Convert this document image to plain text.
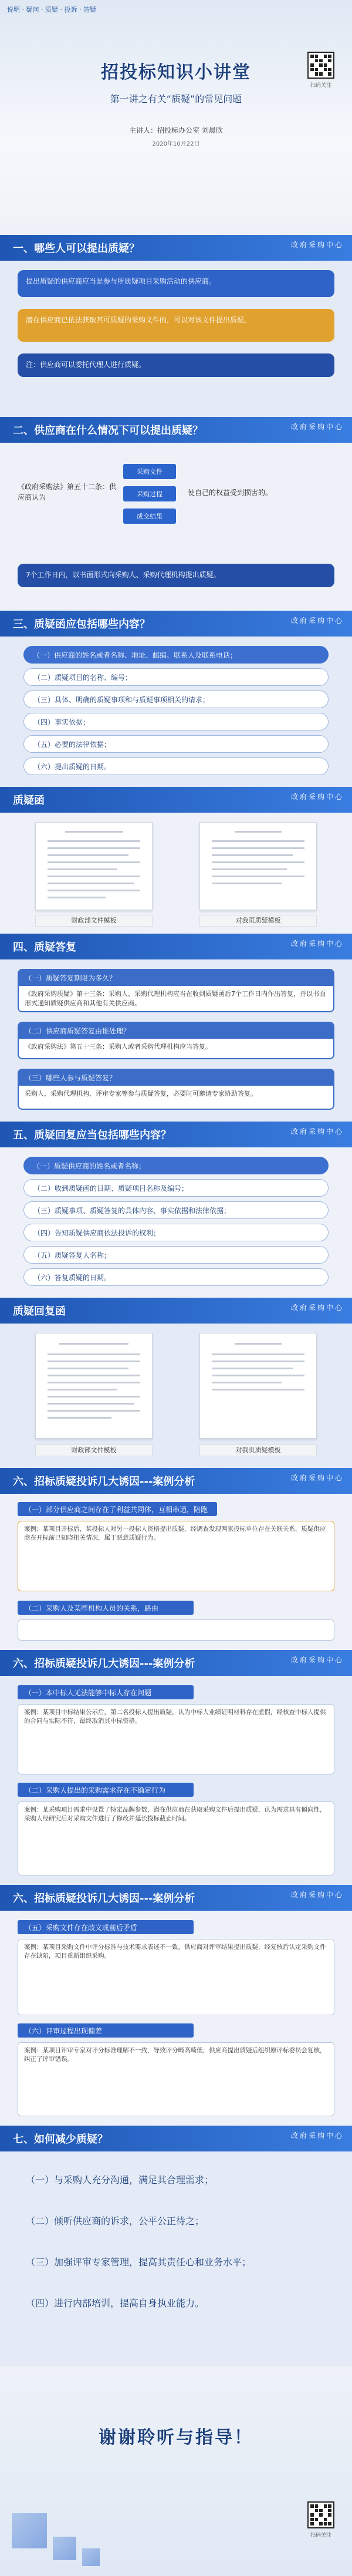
说明 · 疑问 · 质疑 · 投诉 · 答疑
扫码关注
招投标知识小讲堂
第一讲之有关“质疑”的常见问题
主讲人：招投标办公室 刘晨欣
2020年10月22日
一、哪些人可以提出质疑？	政府采购中心
提出质疑的供应商应当是参与所质疑项目采购活动的供应商。
潜在供应商已依法获取其可质疑的采购文件的，可以对该文件提出质疑。
注：供应商可以委托代理人进行质疑。
二、供应商在什么情况下可以提出质疑？	政府采购中心
《政府采购法》第五十二条：供应商认为
采购文件
采购过程
成交结果
使自己的权益受到损害的。
7个工作日内，以书面形式向采购人、采购代理机构提出质疑。
三、质疑函应包括哪些内容？	政府采购中心
（一）供应商的姓名或者名称、地址、邮编、联系人及联系电话；
（二）质疑项目的名称、编号；
（三）具体、明确的质疑事项和与质疑事项相关的请求；
（四）事实依据；
（五）必要的法律依据；
（六）提出质疑的日期。
质疑函	政府采购中心
财政部文件模板	对我页质疑模板
四、质疑答复	政府采购中心
（一）质疑答复期限为多久？
《政府采购质疑》第十三条：采购人、采购代理机构应当在收到质疑函后7个工作日内作出答复，并以书面形式通知质疑供应商和其他有关供应商。
（二）供应商质疑答复由谁处理？
《政府采购法》第五十三条：采购人或者采购代理机构应当答复。
（三）哪些人参与质疑答复？
采购人、采购代理机构、评审专家等参与质疑答复，必要时可邀请专家协助答复。
五、质疑回复应当包括哪些内容？	政府采购中心
（一）质疑供应商的姓名或者名称；
（二）收到质疑函的日期、质疑项目名称及编号；
（三）质疑事项、质疑答复的具体内容、事实依据和法律依据；
（四）告知质疑供应商依法投诉的权利；
（五）质疑答复人名称；
（六）答复质疑的日期。
质疑回复函	政府采购中心
财政部文件模板	对我页质疑模板
六、招标质疑投诉几大诱因---案例分析	政府采购中心
（一）部分供应商之间存在了利益共同体，互相串通，陪跑
案例：某项目开标后，某投标人对另一投标人资格提出质疑，经调查发现两家投标单位存在关联关系，质疑供应商在开标前已知晓相关情况，属于恶意质疑行为。
（二）采购人及某些机构人员的关系，路由
六、招标质疑投诉几大诱因---案例分析	政府采购中心
（一）本中标人无法能够中标人存在问题
案例：某项目中标结果公示后，第二名投标人提出质疑，认为中标人业绩证明材料存在虚假，经核查中标人提供的合同与实际不符，最终取消其中标资格。
（二）采购人提出的采购需求存在不确定行为
案例：某采购项目需求中设置了特定品牌参数，潜在供应商在获取采购文件后提出质疑，认为需求具有倾向性，采购人经研究后对采购文件进行了修改并延长投标截止时间。
六、招标质疑投诉几大诱因---案例分析	政府采购中心
（五）采购文件存在歧义或前后矛盾
案例：某项目采购文件中评分标准与技术要求表述不一致，供应商对评审结果提出质疑，经复核后认定采购文件存在缺陷，项目重新组织采购。
（六）评审过程出现偏差
案例：某项目评审专家对评分标准理解不一致，导致评分畸高畸低，供应商提出质疑后组织原评标委员会复核，纠正了评审错误。
七、如何减少质疑？	政府采购中心
（一）与采购人充分沟通，满足其合理需求；
（二）倾听供应商的诉求，公平公正待之；
（三）加强评审专家管理，提高其责任心和业务水平；
（四）进行内部培训，提高自身执业能力。
谢谢聆听与指导！
扫码关注
